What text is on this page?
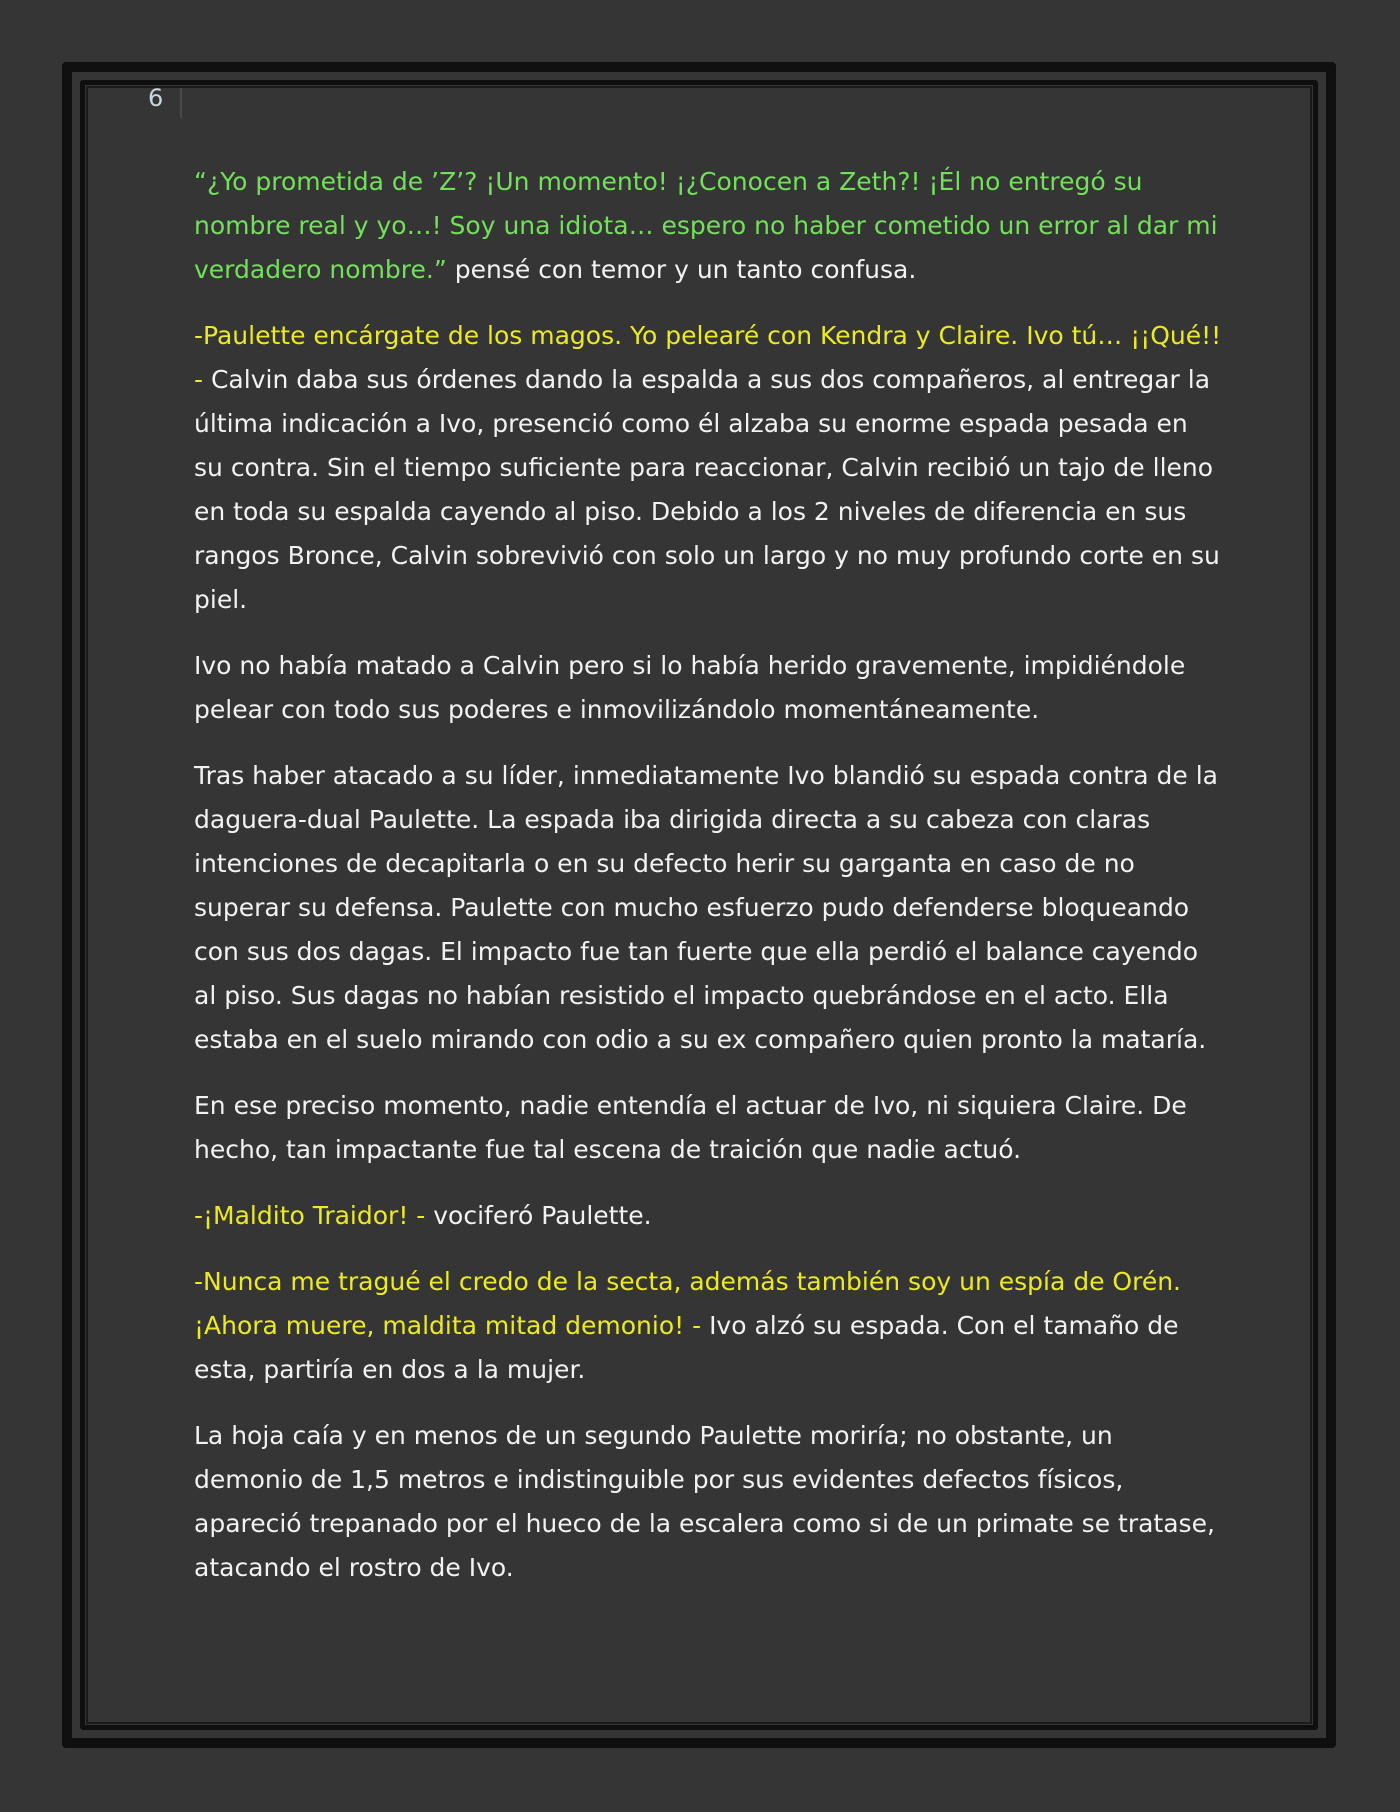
6

“¿Yo prometida de ’Z’? ¡Un momento! ¡¿Conocen a Zeth?! ¡Él no entregó su nombre real y yo…! Soy una idiota… espero no haber cometido un error al dar mi verdadero nombre.” pensé con temor y un tanto confusa.

-Paulette encárgate de los magos. Yo pelearé con Kendra y Claire. Ivo tú… ¡¡Qué!! - Calvin daba sus órdenes dando la espalda a sus dos compañeros, al entregar la última indicación a Ivo, presenció como él alzaba su enorme espada pesada en su contra. Sin el tiempo suficiente para reaccionar, Calvin recibió un tajo de lleno en toda su espalda cayendo al piso. Debido a los 2 niveles de diferencia en sus rangos Bronce, Calvin sobrevivió con solo un largo y no muy profundo corte en su piel.

Ivo no había matado a Calvin pero si lo había herido gravemente, impidiéndole pelear con todo sus poderes e inmovilizándolo momentáneamente.

Tras haber atacado a su líder, inmediatamente Ivo blandió su espada contra de la daguera-dual Paulette. La espada iba dirigida directa a su cabeza con claras intenciones de decapitarla o en su defecto herir su garganta en caso de no superar su defensa. Paulette con mucho esfuerzo pudo defenderse bloqueando con sus dos dagas. El impacto fue tan fuerte que ella perdió el balance cayendo al piso. Sus dagas no habían resistido el impacto quebrándose en el acto. Ella estaba en el suelo mirando con odio a su ex compañero quien pronto la mataría.

En ese preciso momento, nadie entendía el actuar de Ivo, ni siquiera Claire. De hecho, tan impactante fue tal escena de traición que nadie actuó.

-¡Maldito Traidor! - vociferó Paulette.

-Nunca me tragué el credo de la secta, además también soy un espía de Orén. ¡Ahora muere, maldita mitad demonio! - Ivo alzó su espada. Con el tamaño de esta, partiría en dos a la mujer.

La hoja caía y en menos de un segundo Paulette moriría; no obstante, un demonio de 1,5 metros e indistinguible por sus evidentes defectos físicos, apareció trepanado por el hueco de la escalera como si de un primate se tratase, atacando el rostro de Ivo.
